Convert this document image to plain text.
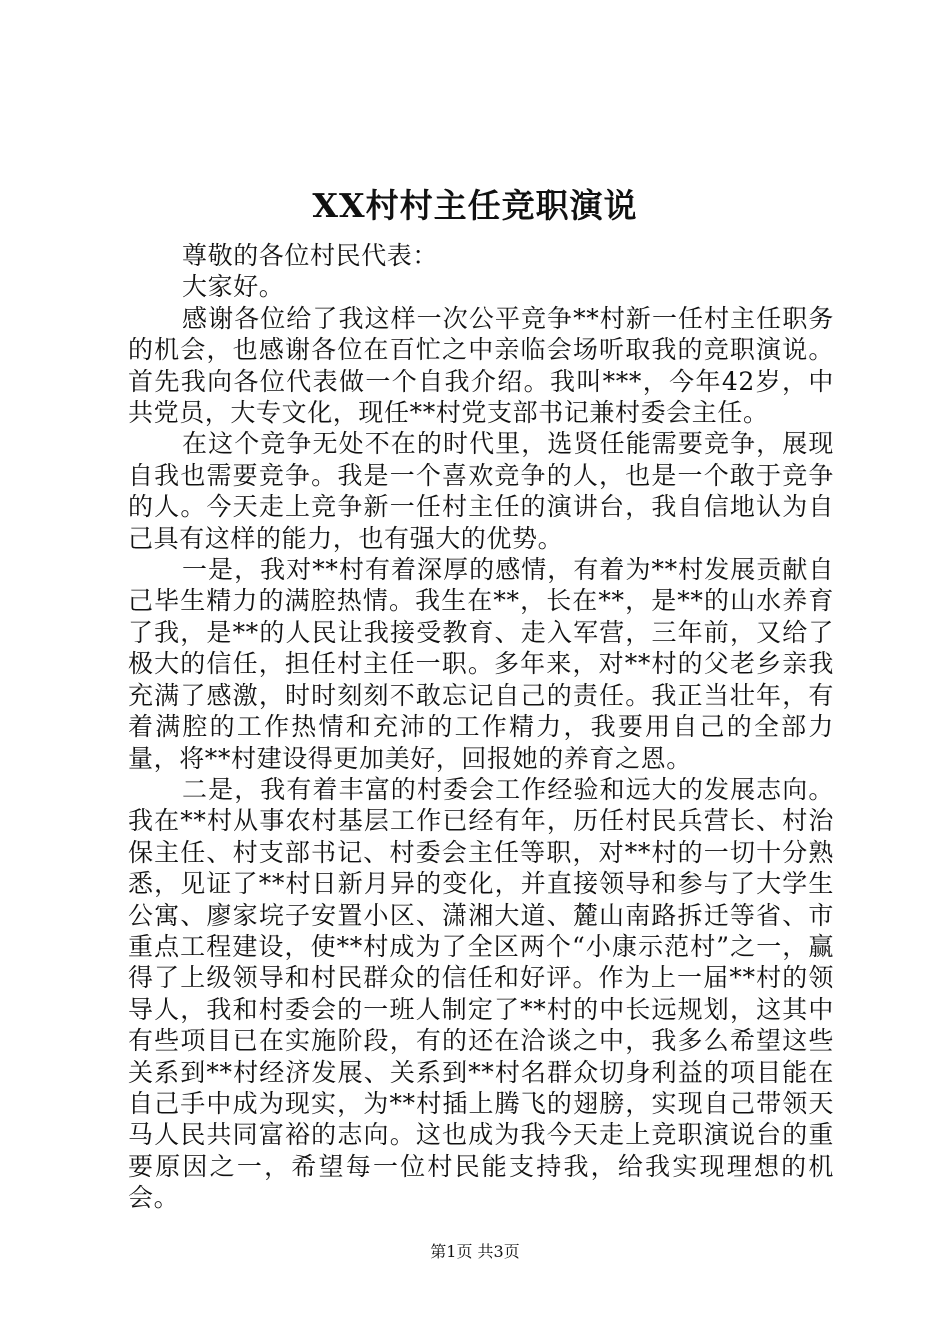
XX村村主任竞职演说

尊敬的各位村民代表：

大家好。

感谢各位给了我这样一次公平竞争**村新一任村主任职务的机会，也感谢各位在百忙之中亲临会场听取我的竞职演说。首先我向各位代表做一个自我介绍。我叫***，今年42岁，中共党员，大专文化，现任**村党支部书记兼村委会主任。

在这个竞争无处不在的时代里，选贤任能需要竞争，展现自我也需要竞争。我是一个喜欢竞争的人，也是一个敢于竞争的人。今天走上竞争新一任村主任的演讲台，我自信地认为自己具有这样的能力，也有强大的优势。

一是，我对**村有着深厚的感情，有着为**村发展贡献自己毕生精力的满腔热情。我生在**，长在**，是**的山水养育了我，是**的人民让我接受教育、走入军营，三年前，又给了极大的信任，担任村主任一职。多年来，对**村的父老乡亲我充满了感激，时时刻刻不敢忘记自己的责任。我正当壮年，有着满腔的工作热情和充沛的工作精力，我要用自己的全部力量，将**村建设得更加美好，回报她的养育之恩。

二是，我有着丰富的村委会工作经验和远大的发展志向。我在**村从事农村基层工作已经有年，历任村民兵营长、村治保主任、村支部书记、村委会主任等职，对**村的一切十分熟悉，见证了**村日新月异的变化，并直接领导和参与了大学生公寓、廖家垸子安置小区、潇湘大道、麓山南路拆迁等省、市重点工程建设，使**村成为了全区两个“小康示范村”之一，赢得了上级领导和村民群众的信任和好评。作为上一届**村的领导人，我和村委会的一班人制定了**村的中长远规划，这其中有些项目已在实施阶段，有的还在洽谈之中，我多么希望这些关系到**村经济发展、关系到**村名群众切身利益的项目能在自己手中成为现实，为**村插上腾飞的翅膀，实现自己带领天马人民共同富裕的志向。这也成为我今天走上竞职演说台的重要原因之一，希望每一位村民能支持我，给我实现理想的机会。

第1页 共3页
